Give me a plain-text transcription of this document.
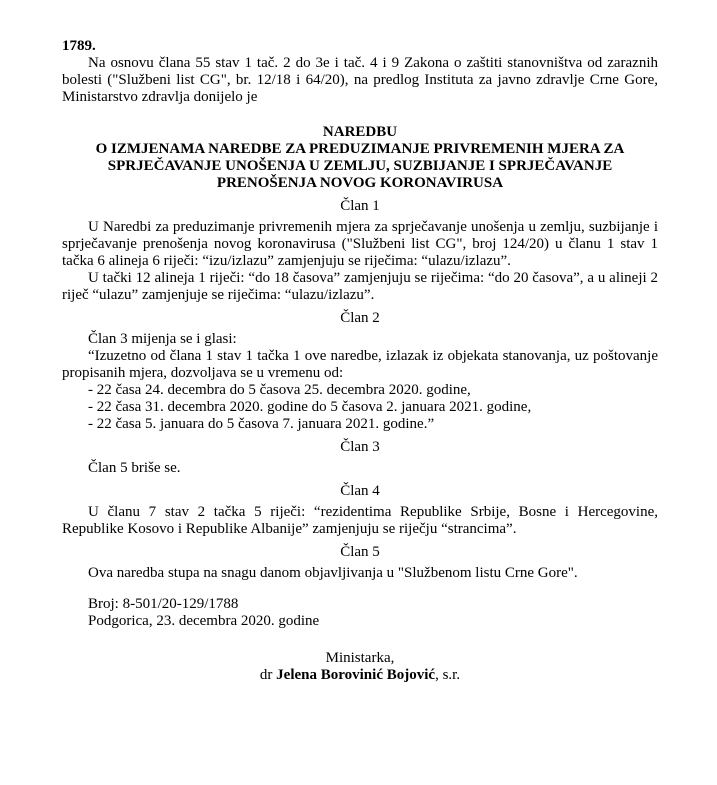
1789.

Na osnovu člana 55 stav 1 tač. 2 do 3e i tač. 4 i 9 Zakona o zaštiti stanovništva od zaraznih bolesti ("Službeni list CG", br. 12/18 i 64/20), na predlog Instituta za javno zdravlje Crne Gore, Ministarstvo zdravlja donijelo je

NAREDBU

O IZMJENAMA NAREDBE ZA PREDUZIMANJE PRIVREMENIH MJERA ZA SPRJEČAVANJE UNOŠENJA U ZEMLJU, SUZBIJANJE I SPRJEČAVANJE PRENOŠENJA NOVOG KORONAVIRUSA

Član 1

U Naredbi za preduzimanje privremenih mjera za sprječavanje unošenja u zemlju, suzbijanje i sprječavanje prenošenja novog koronavirusa ("Službeni list CG", broj 124/20) u članu 1 stav 1 tačka 6 alineja 6 riječi: “izu/izlazu” zamjenjuju se riječima: “ulazu/izlazu”.

U tački 12 alineja 1 riječi: “do 18 časova” zamjenjuju se riječima: “do 20 časova”, a u alineji 2 riječ “ulazu” zamjenjuje se riječima: “ulazu/izlazu”.

Član 2

Član 3 mijenja se i glasi:

“Izuzetno od člana 1 stav 1 tačka 1 ove naredbe, izlazak iz objekata stanovanja, uz poštovanje propisanih mjera, dozvoljava se u vremenu od:

- 22 časa 24. decembra do 5 časova 25. decembra 2020. godine,

- 22 časa 31. decembra 2020. godine do 5 časova 2. januara 2021. godine,

- 22 časa 5. januara do 5 časova 7. januara 2021. godine.”

Član 3

Član 5 briše se.

Član 4

U članu 7 stav 2 tačka 5 riječi: “rezidentima Republike Srbije, Bosne i Hercegovine, Republike Kosovo i Republike Albanije” zamjenjuju se riječju “strancima”.

Član 5

Ova naredba stupa na snagu danom objavljivanja u "Službenom listu Crne Gore".

Broj: 8-501/20-129/1788

Podgorica, 23. decembra 2020. godine

Ministarka,

dr Jelena Borovinić Bojović, s.r.
